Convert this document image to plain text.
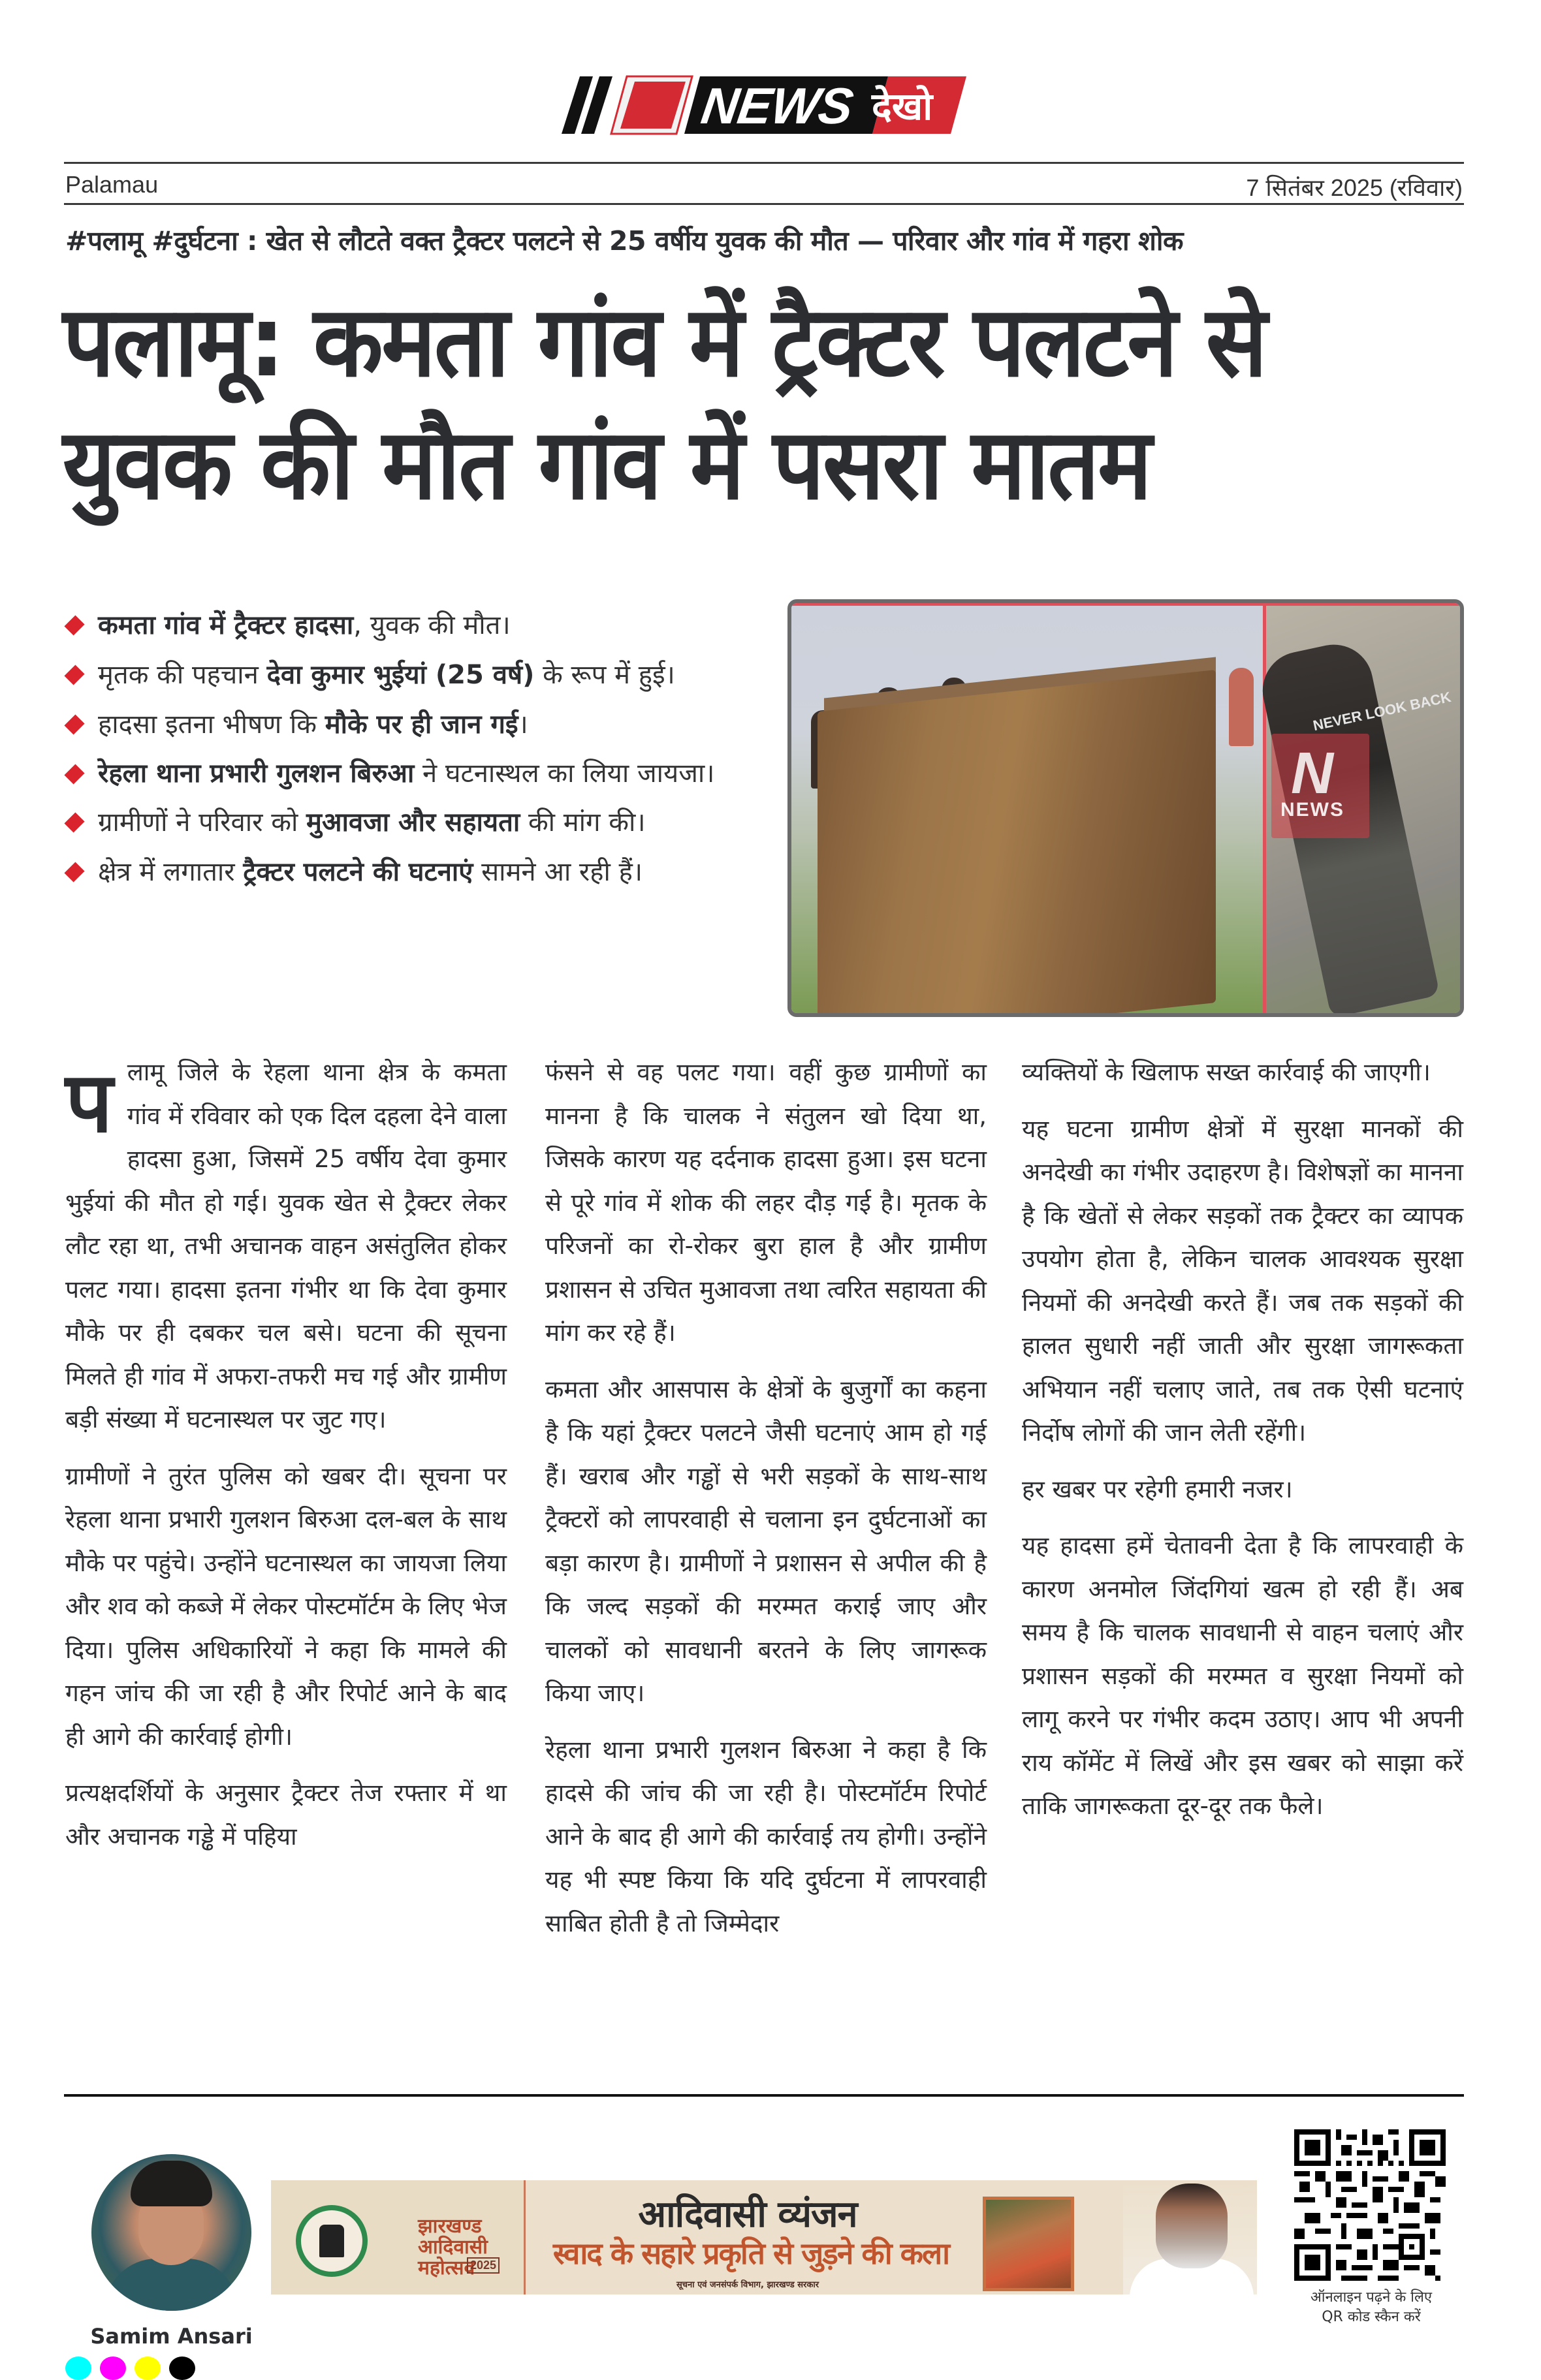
NEWS देखो
Palamau	7 सितंबर 2025 (रविवार)
#पलामू #दुर्घटना : खेत से लौटते वक्त ट्रैक्टर पलटने से 25 वर्षीय युवक की मौत — परिवार और गांव में गहरा शोक
पलामू: कमता गांव में ट्रैक्टर पलटने से
युवक की मौत गांव में पसरा मातम
कमता गांव में ट्रैक्टर हादसा, युवक की मौत।
मृतक की पहचान देवा कुमार भुईयां (25 वर्ष) के रूप में हुई।
हादसा इतना भीषण कि मौके पर ही जान गई।
रेहला थाना प्रभारी गुलशन बिरुआ ने घटनास्थल का लिया जायजा।
ग्रामीणों ने परिवार को मुआवजा और सहायता की मांग की।
क्षेत्र में लगातार ट्रैक्टर पलटने की घटनाएं सामने आ रही हैं।
NEVER LOOK BACK
N
NEWS

पलामू जिले के रेहला थाना क्षेत्र के कमता गांव में रविवार को एक दिल दहला देने वाला हादसा हुआ, जिसमें 25 वर्षीय देवा कुमार भुईयां की मौत हो गई। युवक खेत से ट्रैक्टर लेकर लौट रहा था, तभी अचानक वाहन असंतुलित होकर पलट गया। हादसा इतना गंभीर था कि देवा कुमार मौके पर ही दबकर चल बसे। घटना की सूचना मिलते ही गांव में अफरा-तफरी मच गई और ग्रामीण बड़ी संख्या में घटनास्थल पर जुट गए।

ग्रामीणों ने तुरंत पुलिस को खबर दी। सूचना पर रेहला थाना प्रभारी गुलशन बिरुआ दल-बल के साथ मौके पर पहुंचे। उन्होंने घटनास्थल का जायजा लिया और शव को कब्जे में लेकर पोस्टमॉर्टम के लिए भेज दिया। पुलिस अधिकारियों ने कहा कि मामले की गहन जांच की जा रही है और रिपोर्ट आने के बाद ही आगे की कार्रवाई होगी।

प्रत्यक्षदर्शियों के अनुसार ट्रैक्टर तेज रफ्तार में था और अचानक गड्ढे में पहिया

फंसने से वह पलट गया। वहीं कुछ ग्रामीणों का मानना है कि चालक ने संतुलन खो दिया था, जिसके कारण यह दर्दनाक हादसा हुआ। इस घटना से पूरे गांव में शोक की लहर दौड़ गई है। मृतक के परिजनों का रो-रोकर बुरा हाल है और ग्रामीण प्रशासन से उचित मुआवजा तथा त्वरित सहायता की मांग कर रहे हैं।

कमता और आसपास के क्षेत्रों के बुजुर्गों का कहना है कि यहां ट्रैक्टर पलटने जैसी घटनाएं आम हो गई हैं। खराब और गड्ढों से भरी सड़कों के साथ-साथ ट्रैक्टरों को लापरवाही से चलाना इन दुर्घटनाओं का बड़ा कारण है। ग्रामीणों ने प्रशासन से अपील की है कि जल्द सड़कों की मरम्मत कराई जाए और चालकों को सावधानी बरतने के लिए जागरूक किया जाए।

रेहला थाना प्रभारी गुलशन बिरुआ ने कहा है कि हादसे की जांच की जा रही है। पोस्टमॉर्टम रिपोर्ट आने के बाद ही आगे की कार्रवाई तय होगी। उन्होंने यह भी स्पष्ट किया कि यदि दुर्घटना में लापरवाही साबित होती है तो जिम्मेदार

व्यक्तियों के खिलाफ सख्त कार्रवाई की जाएगी।

यह घटना ग्रामीण क्षेत्रों में सुरक्षा मानकों की अनदेखी का गंभीर उदाहरण है। विशेषज्ञों का मानना है कि खेतों से लेकर सड़कों तक ट्रैक्टर का व्यापक उपयोग होता है, लेकिन चालक आवश्यक सुरक्षा नियमों की अनदेखी करते हैं। जब तक सड़कों की हालत सुधारी नहीं जाती और सुरक्षा जागरूकता अभियान नहीं चलाए जाते, तब तक ऐसी घटनाएं निर्दोष लोगों की जान लेती रहेंगी।

हर खबर पर रहेगी हमारी नजर।

यह हादसा हमें चेतावनी देता है कि लापरवाही के कारण अनमोल जिंदगियां खत्म हो रही हैं। अब समय है कि चालक सावधानी से वाहन चलाएं और प्रशासन सड़कों की मरम्मत व सुरक्षा नियमों को लागू करने पर गंभीर कदम उठाए। आप भी अपनी राय कॉमेंट में लिखें और इस खबर को साझा करें ताकि जागरूकता दूर-दूर तक फैले।

Samim Ansari
झारखण्ड आदिवासी महोत्सव
2025
आदिवासी व्यंजन
स्वाद के सहारे प्रकृति से जुड़ने की कला
सूचना एवं जनसंपर्क विभाग, झारखण्ड सरकार
ऑनलाइन पढ़ने के लिए
QR कोड स्कैन करें
